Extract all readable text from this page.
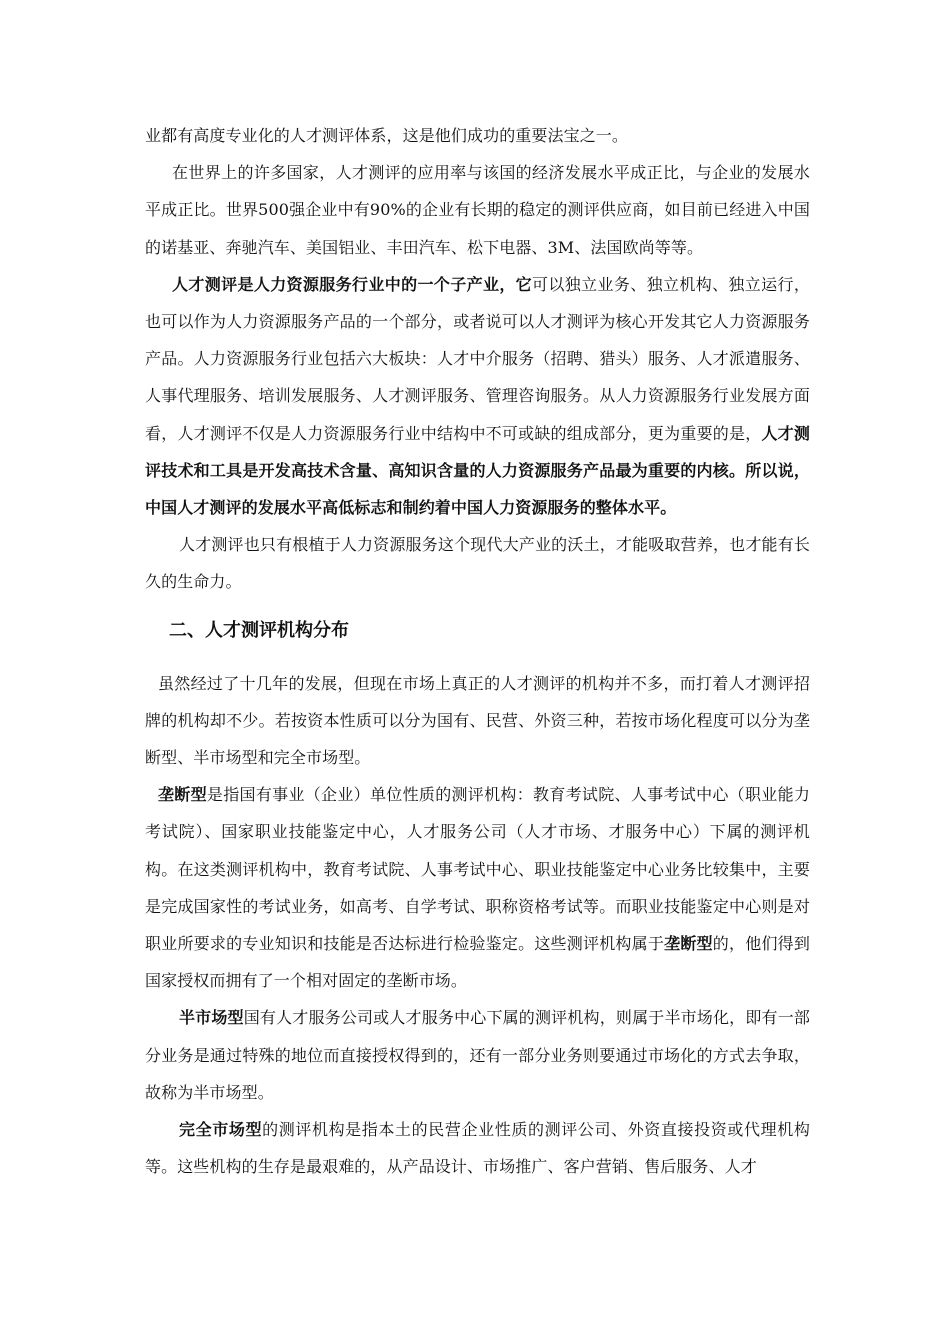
业都有高度专业化的人才测评体系，这是他们成功的重要法宝之一。

在世界上的许多国家，人才测评的应用率与该国的经济发展水平成正比，与企业的发展水平成正比。世界500强企业中有90%的企业有长期的稳定的测评供应商，如目前已经进入中国的诺基亚、奔驰汽车、美国铝业、丰田汽车、松下电器、3M、法国欧尚等等。

人才测评是人力资源服务行业中的一个子产业，它可以独立业务、独立机构、独立运行，也可以作为人力资源服务产品的一个部分，或者说可以人才测评为核心开发其它人力资源服务产品。人力资源服务行业包括六大板块：人才中介服务（招聘、猎头）服务、人才派遣服务、人事代理服务、培训发展服务、人才测评服务、管理咨询服务。从人力资源服务行业发展方面看，人才测评不仅是人力资源服务行业中结构中不可或缺的组成部分，更为重要的是，人才测评技术和工具是开发高技术含量、高知识含量的人力资源服务产品最为重要的内核。所以说，中国人才测评的发展水平高低标志和制约着中国人力资源服务的整体水平。

人才测评也只有根植于人力资源服务这个现代大产业的沃土，才能吸取营养，也才能有长久的生命力。

二、人才测评机构分布

虽然经过了十几年的发展，但现在市场上真正的人才测评的机构并不多，而打着人才测评招牌的机构却不少。若按资本性质可以分为国有、民营、外资三种，若按市场化程度可以分为垄断型、半市场型和完全市场型。

垄断型是指国有事业（企业）单位性质的测评机构：教育考试院、人事考试中心（职业能力考试院）、国家职业技能鉴定中心，人才服务公司（人才市场、才服务中心）下属的测评机构。在这类测评机构中，教育考试院、人事考试中心、职业技能鉴定中心业务比较集中，主要是完成国家性的考试业务，如高考、自学考试、职称资格考试等。而职业技能鉴定中心则是对职业所要求的专业知识和技能是否达标进行检验鉴定。这些测评机构属于垄断型的，他们得到国家授权而拥有了一个相对固定的垄断市场。

半市场型国有人才服务公司或人才服务中心下属的测评机构，则属于半市场化，即有一部分业务是通过特殊的地位而直接授权得到的，还有一部分业务则要通过市场化的方式去争取，故称为半市场型。

完全市场型的测评机构是指本土的民营企业性质的测评公司、外资直接投资或代理机构等。这些机构的生存是最艰难的，从产品设计、市场推广、客户营销、售后服务、人才
